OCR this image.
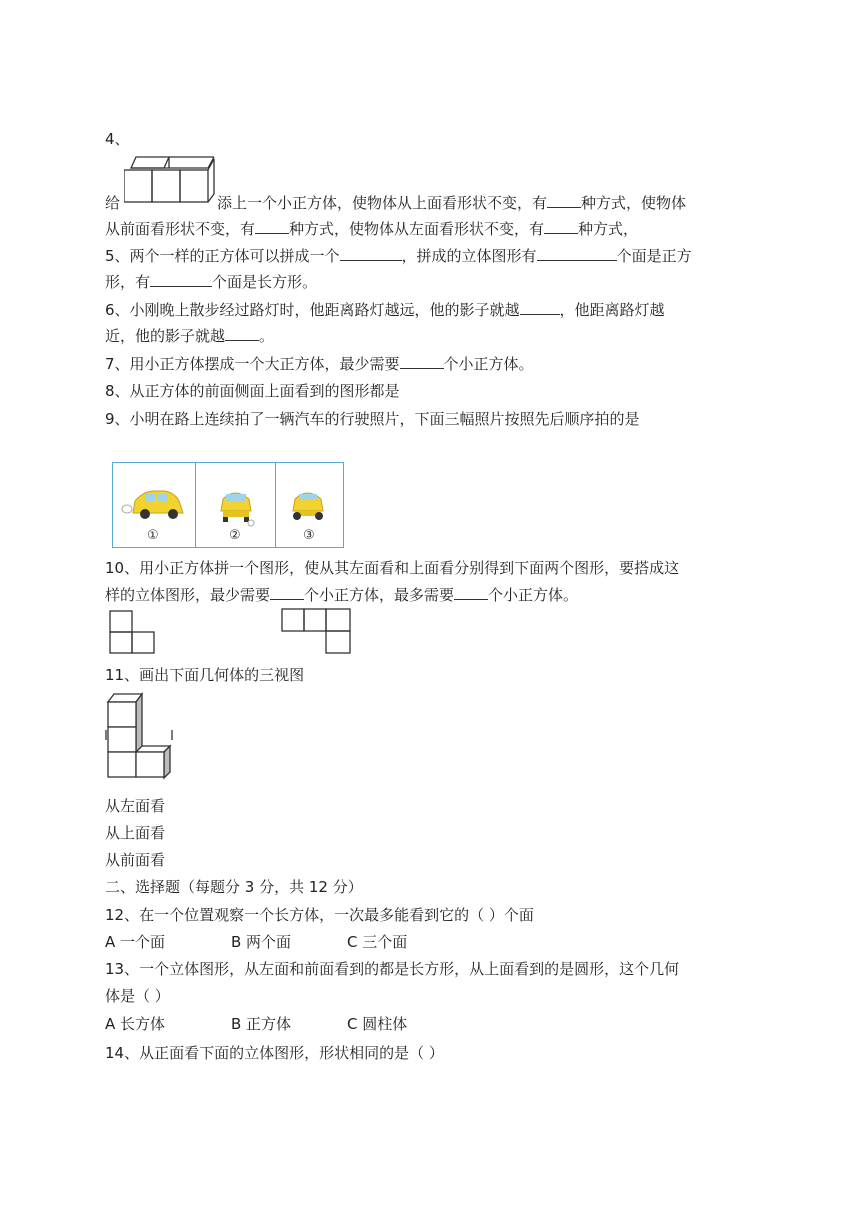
4、
给	添上一个小正方体，使物体从上面看形状不变，有 种方式，使物体
从前面看形状不变，有 种方式，使物体从左面看形状不变，有 种方式，
5、两个一样的正方体可以拼成一个	，拼成的立体图形有	个面是正方
形，有	个面是长方形。
6、小刚晚上散步经过路灯时，他距离路灯越远，他的影子就越	，他距离路灯越
近，他的影子就越 。
7、用小正方体摆成一个大正方体，最少需要	个小正方体。
8、从正方体的前面侧面上面看到的图形都是
9、小明在路上连续拍了一辆汽车的行驶照片，下面三幅照片按照先后顺序拍的是
①	②	③
10、用小正方体拼一个图形，使从其左面看和上面看分别得到下面两个图形，要搭成这
样的立体图形，最少需要 个小正方体，最多需要 个小正方体。
11、画出下面几何体的三视图
从左面看
从上面看
从前面看
二、选择题（每题分 3 分，共 12 分）
12、在一个位置观察一个长方体，一次最多能看到它的（ ）个面
A 一个面	B 两个面	C 三个面
13、一个立体图形，从左面和前面看到的都是长方形，从上面看到的是圆形，这个几何
体是（ ）
A 长方体	B 正方体	C 圆柱体
14、从正面看下面的立体图形，形状相同的是（ ）
